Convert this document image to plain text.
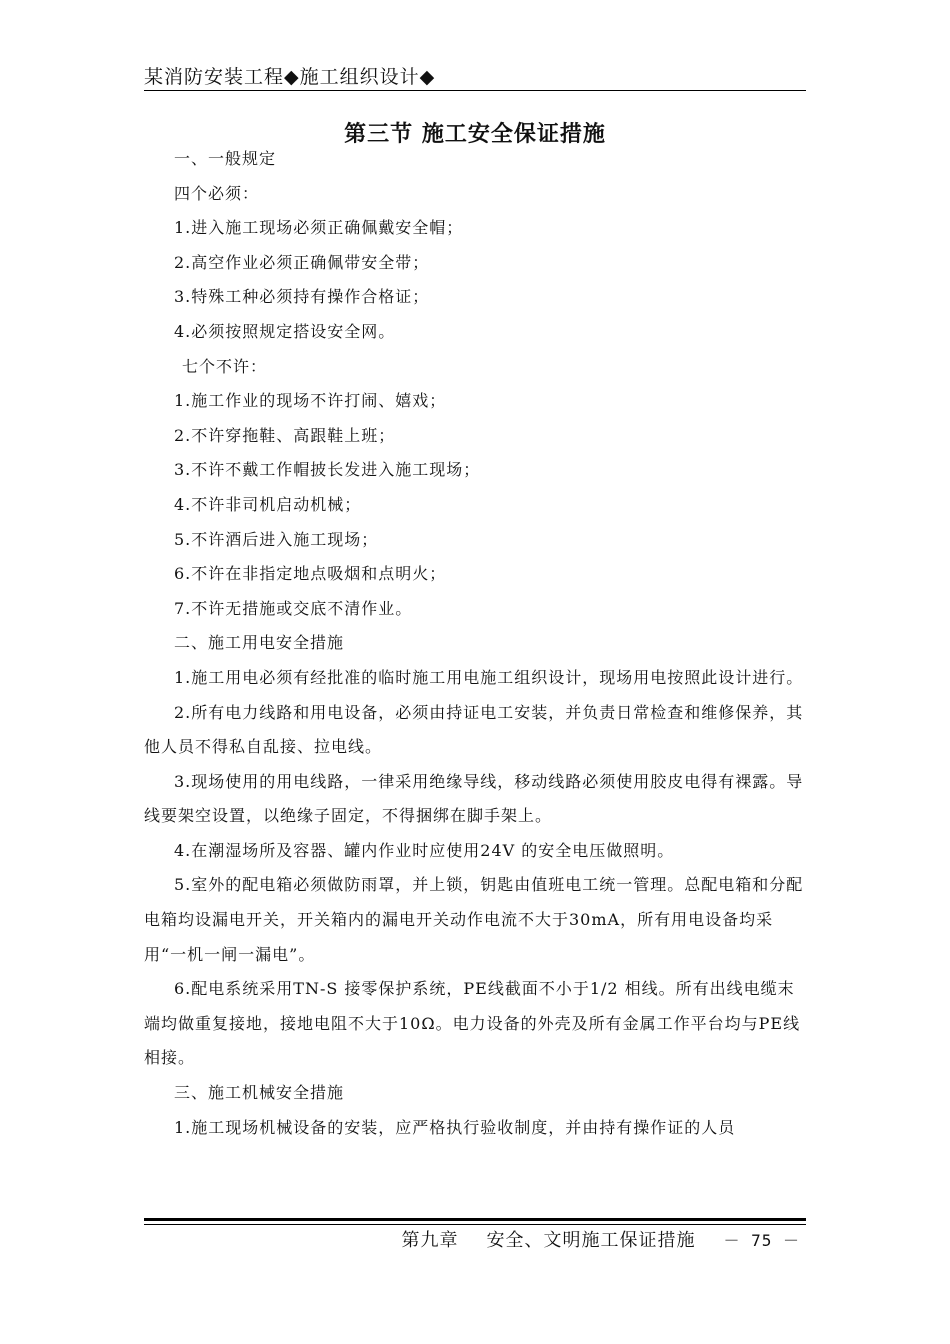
某消防安装工程◆施工组织设计◆
第三节 施工安全保证措施

一、一般规定

四个必须：

1.进入施工现场必须正确佩戴安全帽；

2.高空作业必须正确佩带安全带；

3.特殊工种必须持有操作合格证；

4.必须按照规定搭设安全网。

七个不许：

1.施工作业的现场不许打闹、嬉戏；

2.不许穿拖鞋、高跟鞋上班；

3.不许不戴工作帽披长发进入施工现场；

4.不许非司机启动机械；

5.不许酒后进入施工现场；

6.不许在非指定地点吸烟和点明火；

7.不许无措施或交底不清作业。

二、施工用电安全措施

1.施工用电必须有经批准的临时施工用电施工组织设计，现场用电按照此设计进行。

2.所有电力线路和用电设备，必须由持证电工安装，并负责日常检查和维修保养，其他人员不得私自乱接、拉电线。

3.现场使用的用电线路，一律采用绝缘导线，移动线路必须使用胶皮电得有裸露。导线要架空设置，以绝缘子固定，不得捆绑在脚手架上。

4.在潮湿场所及容器、罐内作业时应使用24V 的安全电压做照明。

5.室外的配电箱必须做防雨罩，并上锁，钥匙由值班电工统一管理。总配电箱和分配电箱均设漏电开关，开关箱内的漏电开关动作电流不大于30mA，所有用电设备均采用“一机一闸一漏电”。

6.配电系统采用TN-S 接零保护系统，PE线截面不小于1/2 相线。所有出线电缆末端均做重复接地，接地电阻不大于10Ω。电力设备的外壳及所有金属工作平台均与PE线相接。

三、施工机械安全措施

1.施工现场机械设备的安装，应严格执行验收制度，并由持有操作证的人员

第九章 安全、文明施工保证措施 － 75 －
